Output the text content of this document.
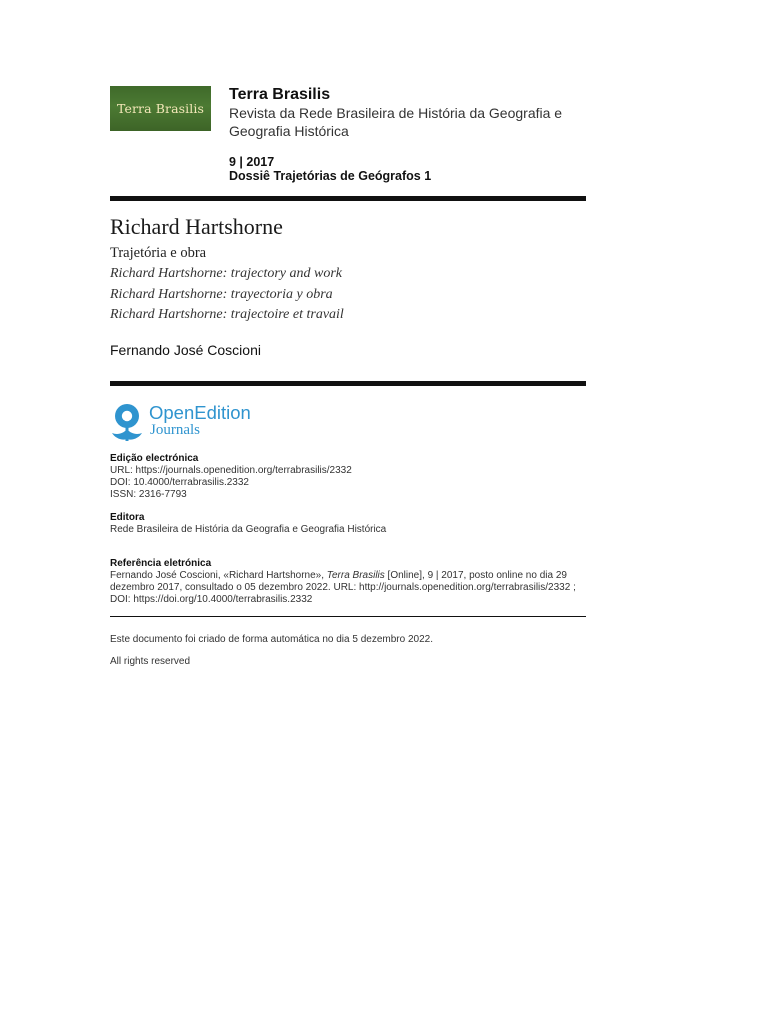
Terra Brasilis
Terra Brasilis
Revista da Rede Brasileira de História da Geografia e Geografia Histórica
9 | 2017
Dossiê Trajetórias de Geógrafos 1
Richard Hartshorne
Trajetória e obra
Richard Hartshorne: trajectory and work
Richard Hartshorne: trayectoria y obra
Richard Hartshorne: trajectoire et travail
Fernando José Coscioni
OpenEdition
Journals
Edição electrónica
URL: https://journals.openedition.org/terrabrasilis/2332
DOI: 10.4000/terrabrasilis.2332
ISSN: 2316-7793
Editora
Rede Brasileira de História da Geografia e Geografia Histórica
Referência eletrónica
Fernando José Coscioni, «Richard Hartshorne», Terra Brasilis [Online], 9 | 2017, posto online no dia 29 dezembro 2017, consultado o 05 dezembro 2022. URL: http://journals.openedition.org/terrabrasilis/2332 ; DOI: https://doi.org/10.4000/terrabrasilis.2332
Este documento foi criado de forma automática no dia 5 dezembro 2022.
All rights reserved
